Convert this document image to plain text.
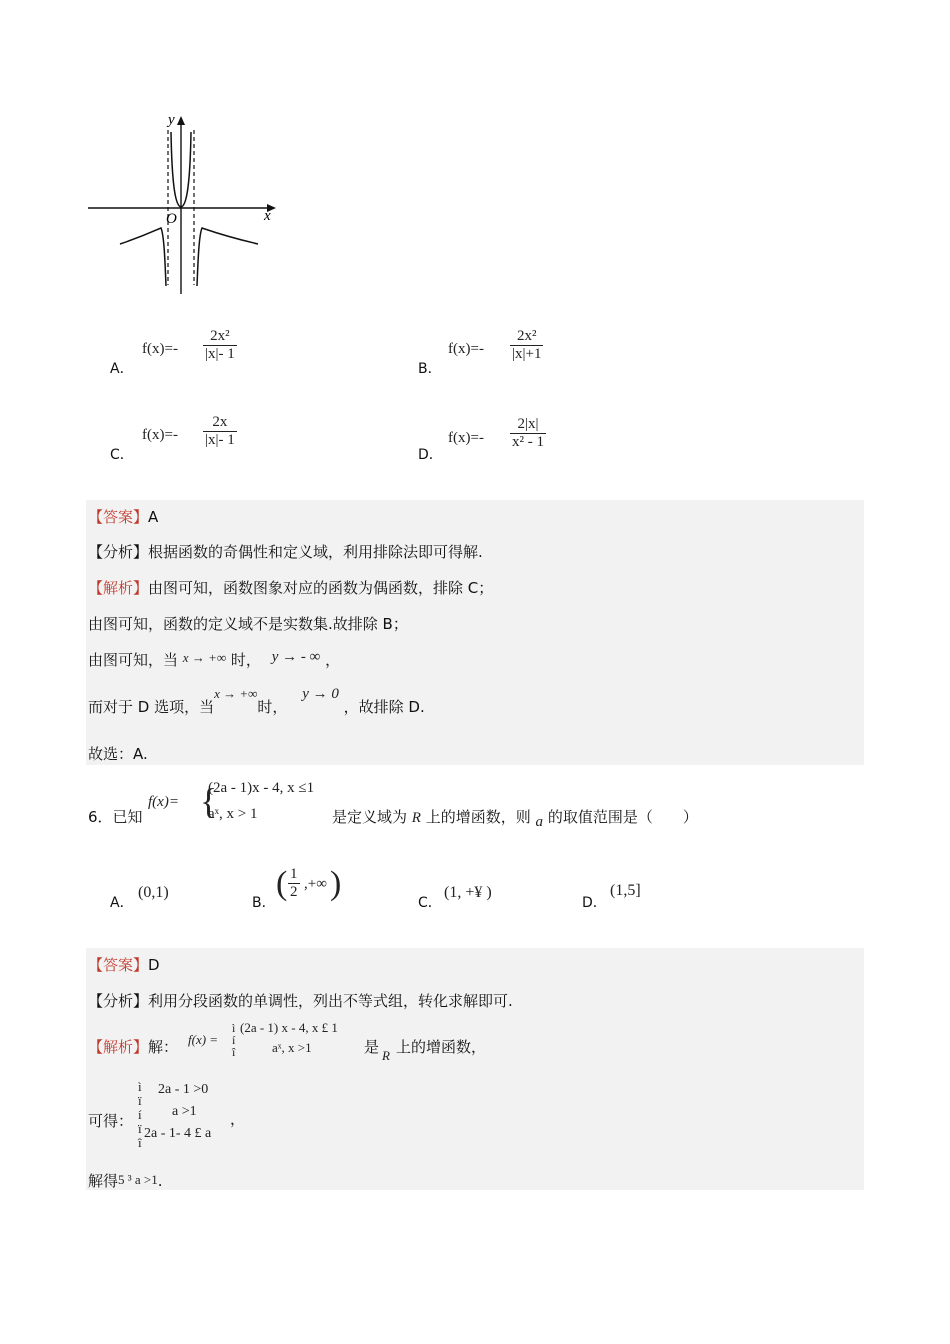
y
x
O
A．
$f(x)=- \frac{\text{2x²}}{|x|- 1}$
B．
$f(x)=- \frac{\text{2x²}}{|x|+1}$
C．
$f(x)=- \frac{2x}{|x|- 1}$
D．
$f(x)=- \frac{2|x|}{\text{x² - 1}}$
【答案】A
【分析】根据函数的奇偶性和定义域，利用排除法即可得解.
【解析】由图可知，函数图象对应的函数为偶函数，排除 C；
由图可知，函数的定义域不是实数集.故排除 B；
由图可知，当 x → +∞ 时， y → - ∞ ，
而对于 D 选项，当x → +∞时， y → 0 ，故排除 D.
故选：A.
6．已知
f(x)= {
(2a - 1)x - 4, x ≤1
aˣ, x > 1	是定义域为 R 上的增函数，则 a 的取值范围是（　　）
A．
(0,1)
B．
( $\frac{1}{2}$ ,+∞ )
C．
(1, +¥ )
D．
(1,5]
【答案】D
【分析】利用分段函数的单调性，列出不等式组，转化求解即可.
【解析】解： f(x) =
ì
í
î
(2a - 1) x - 4, x £ 1
aˣ, x >1	是 R 上的增函数，
可得：
ì
ï
í
ï
î
2a - 1 >0
a >1
2a - 1- 4 £ a
，
解得5 ³ a >1.
